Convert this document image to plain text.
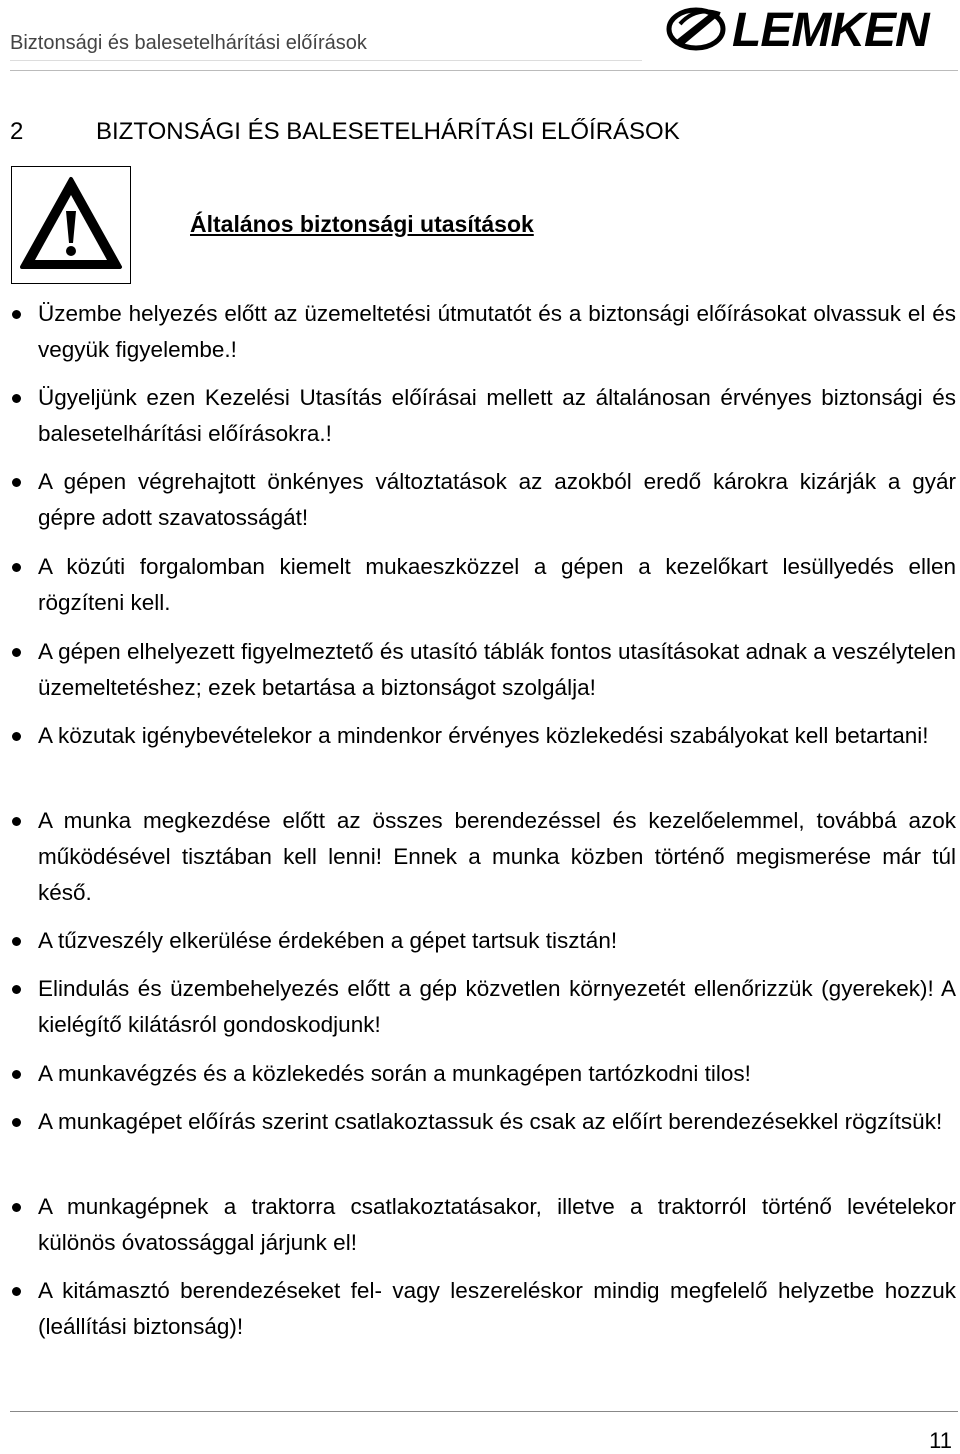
Biztonsági és balesetelhárítási előírások	LEMKEN
2	BIZTONSÁGI ÉS BALESETELHÁRÍTÁSI ELŐÍRÁSOK
Általános biztonsági utasítások
Üzembe helyezés előtt az üzemeltetési útmutatót és a biztonsági előírásokat olvassuk el és vegyük figyelembe.!
Ügyeljünk ezen Kezelési Utasítás előírásai mellett az általánosan érvényes biztonsági és balesetelhárítási előírásokra.!
A gépen végrehajtott önkényes változtatások az azokból eredő károkra kizárják a gyár gépre adott szavatosságát!
A közúti forgalomban kiemelt mukaeszközzel a gépen a kezelőkart lesüllyedés ellen rögzíteni kell.
A gépen elhelyezett figyelmeztető és utasító táblák fontos utasításokat adnak a veszélytelen üzemeltetéshez; ezek betartása a biztonságot szolgálja!
A közutak igénybevételekor a mindenkor érvényes közlekedési szabályokat kell betartani!
A munka megkezdése előtt az összes berendezéssel és kezelőelemmel, továbbá azok működésével tisztában kell lenni! Ennek a munka közben történő megismerése már túl késő.
A tűzveszély elkerülése érdekében a gépet tartsuk tisztán!
Elindulás és üzembehelyezés előtt a gép közvetlen környezetét ellenőrizzük (gyerekek)! A kielégítő kilátásról gondoskodjunk!
A munkavégzés és a közlekedés során a munkagépen tartózkodni tilos!
A munkagépet előírás szerint csatlakoztassuk és csak az előírt berendezésekkel rögzítsük!
A munkagépnek a traktorra csatlakoztatásakor, illetve a traktorról történő levételekor különös óvatossággal járjunk el!
A kitámasztó berendezéseket fel- vagy leszereléskor mindig megfelelő helyzetbe hozzuk (leállítási biztonság)!
11
